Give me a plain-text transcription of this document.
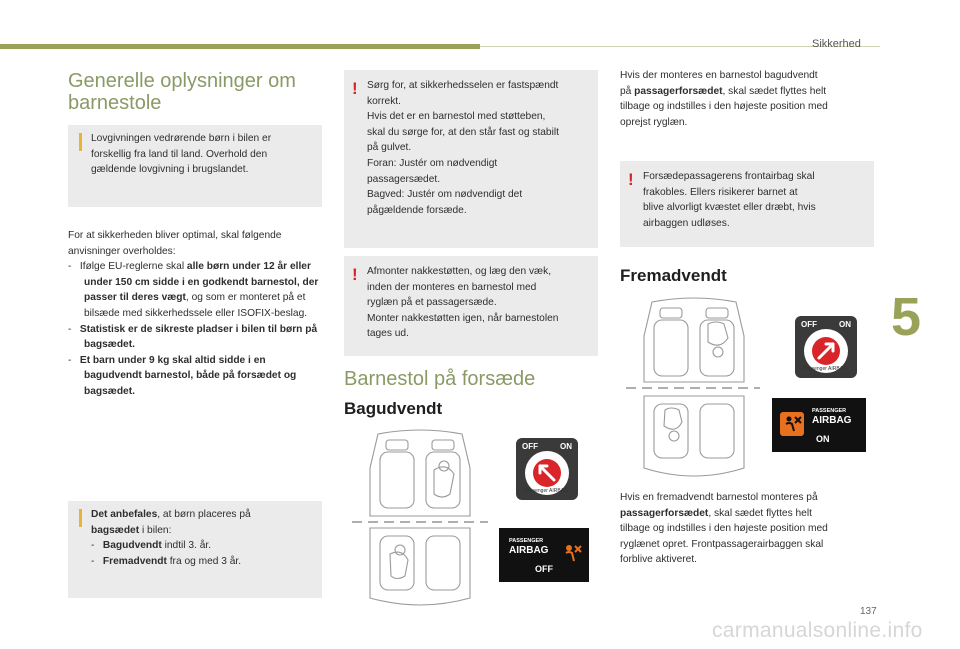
Sikkerhed
5
137
carmanualsonline.info
Generelle oplysninger om
barnestole
Lovgivningen vedrørende børn i bilen er
forskellig fra land til land. Overhold den
gældende lovgivning i brugslandet.
For at sikkerheden bliver optimal, skal følgende
anvisninger overholdes:
- Ifølge EU-reglerne skal alle børn under 12 år eller under 150 cm sidde i en godkendt barnestol, der passer til deres vægt, og som er monteret på et bilsæde med sikkerhedssele eller ISOFIX-beslag.
- Statistisk er de sikreste pladser i bilen til børn på bagsædet.
- Et barn under 9 kg skal altid sidde i en bagudvendt barnestol, både på forsædet og bagsædet.
Det anbefales, at børn placeres på
bagsædet i bilen:
- Bagudvendt indtil 3. år.
- Fremadvendt fra og med 3 år.
! Sørg for, at sikkerhedsselen er fastspændt
korrekt.
Hvis det er en barnestol med støtteben,
skal du sørge for, at den står fast og stabilt
på gulvet.
Foran: Justér om nødvendigt
passagersædet.
Bagved: Justér om nødvendigt det
pågældende forsæde.
! Afmonter nakkestøtten, og læg den væk,
inden der monteres en barnestol med
ryglæn på et passagersæde.
Monter nakkestøtten igen, når barnestolen
tages ud.
Barnestol på forsæde
Bagudvendt
OFF	ON
Passenger AIRBAG
PASSENGER
AIRBAG
OFF
Hvis der monteres en barnestol bagudvendt
på passagerforsædet, skal sædet flyttes helt
tilbage og indstilles i den højeste position med
oprejst ryglæn.
! Forsædepassagerens frontairbag skal
frakobles. Ellers risikerer barnet at
blive alvorligt kvæstet eller dræbt, hvis
airbaggen udløses.
Fremadvendt
OFF	ON
Passenger AIRBAG
PASSENGER
AIRBAG
ON
Hvis en fremadvendt barnestol monteres på
passagerforsædet, skal sædet flyttes helt
tilbage og indstilles i den højeste position med
ryglænet opret. Frontpassagerairbaggen skal
forblive aktiveret.
